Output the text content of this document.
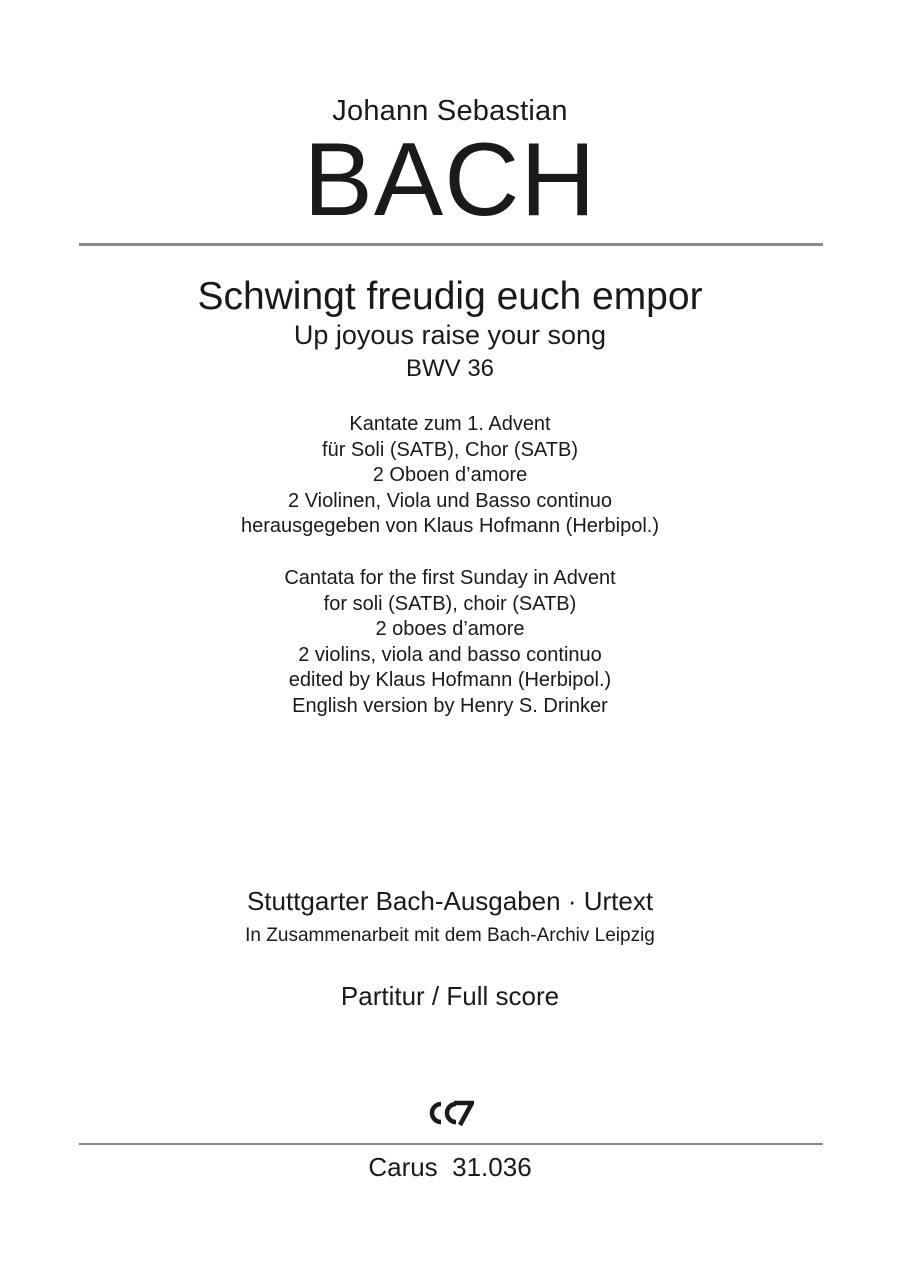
Johann Sebastian
BACH
Schwingt freudig euch empor
Up joyous raise your song
BWV 36
Kantate zum 1. Advent
für Soli (SATB), Chor (SATB)
2 Oboen d’amore
2 Violinen, Viola und Basso continuo
herausgegeben von Klaus Hofmann (Herbipol.)
Cantata for the first Sunday in Advent
for soli (SATB), choir (SATB)
2 oboes d’amore
2 violins, viola and basso continuo
edited by Klaus Hofmann (Herbipol.)
English version by Henry S. Drinker
Stuttgarter Bach-Ausgaben · Urtext
In Zusammenarbeit mit dem Bach-Archiv Leipzig
Partitur / Full score
Carus  31.036
